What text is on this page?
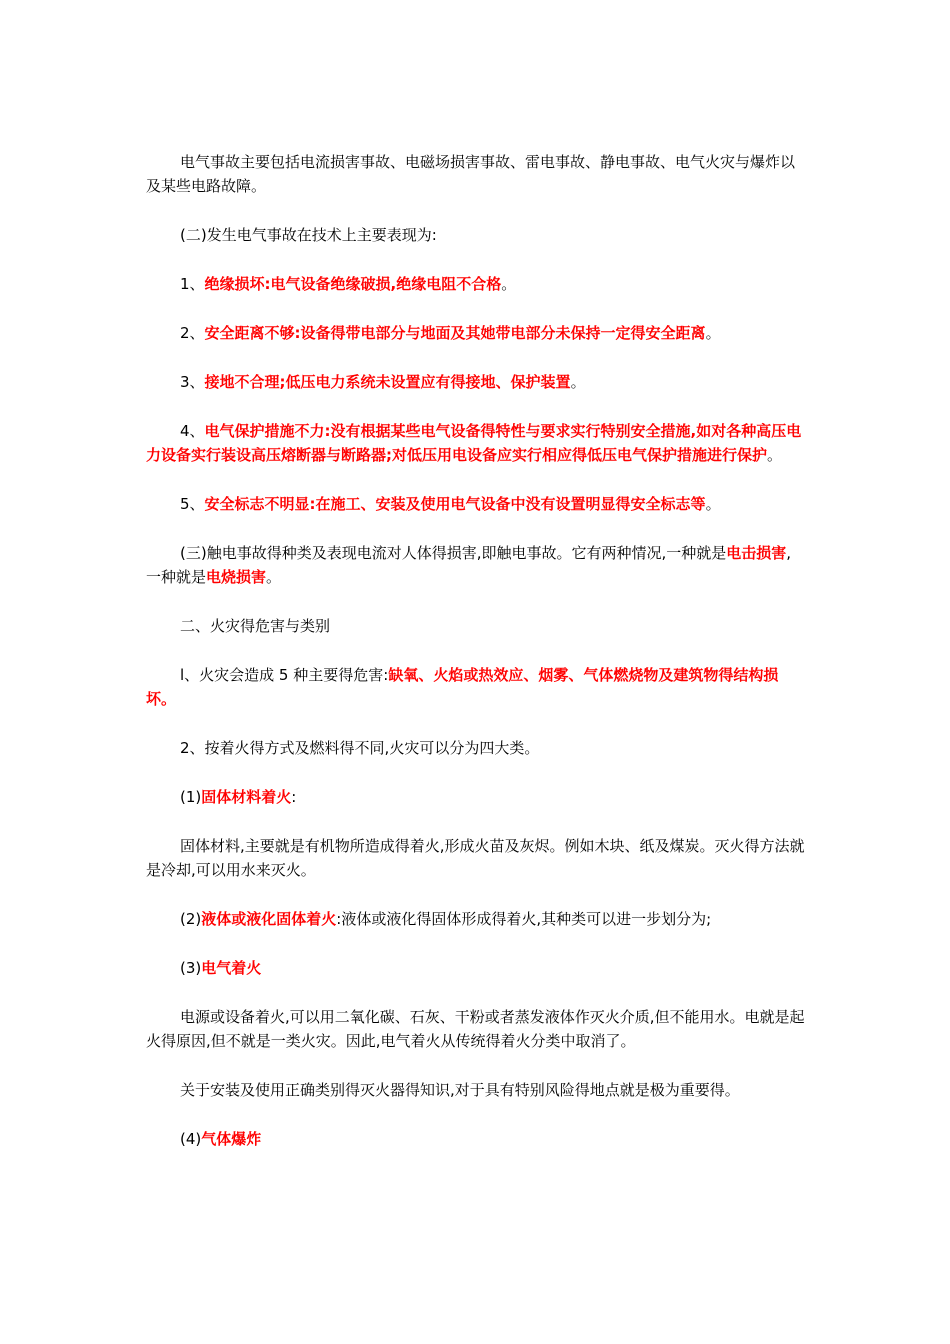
电气事故主要包括电流损害事故、电磁场损害事故、雷电事故、静电事故、电气火灾与爆炸以及某些电路故障。

(二)发生电气事故在技术上主要表现为:

1、绝缘损坏:电气设备绝缘破损,绝缘电阻不合格。

2、安全距离不够:设备得带电部分与地面及其她带电部分未保持一定得安全距离。

3、接地不合理;低压电力系统未设置应有得接地、保护装置。

4、电气保护措施不力:没有根据某些电气设备得特性与要求实行特别安全措施,如对各种高压电力设备实行装设高压熔断器与断路器;对低压用电设备应实行相应得低压电气保护措施进行保护。

5、安全标志不明显:在施工、安装及使用电气设备中没有设置明显得安全标志等。

(三)触电事故得种类及表现电流对人体得损害,即触电事故。它有两种情况,一种就是电击损害,一种就是电烧损害。

二、火灾得危害与类别

l、火灾会造成 5 种主要得危害:缺氧、火焰或热效应、烟雾、气体燃烧物及建筑物得结构损坏。

2、按着火得方式及燃料得不同,火灾可以分为四大类。

(1)固体材料着火:

固体材料,主要就是有机物所造成得着火,形成火苗及灰烬。例如木块、纸及煤炭。灭火得方法就是冷却,可以用水来灭火。

(2)液体或液化固体着火:液体或液化得固体形成得着火,其种类可以进一步划分为;

(3)电气着火

电源或设备着火,可以用二氧化碳、石灰、干粉或者蒸发液体作灭火介质,但不能用水。电就是起火得原因,但不就是一类火灾。因此,电气着火从传统得着火分类中取消了。

关于安装及使用正确类别得灭火器得知识,对于具有特别风险得地点就是极为重要得。

(4)气体爆炸
